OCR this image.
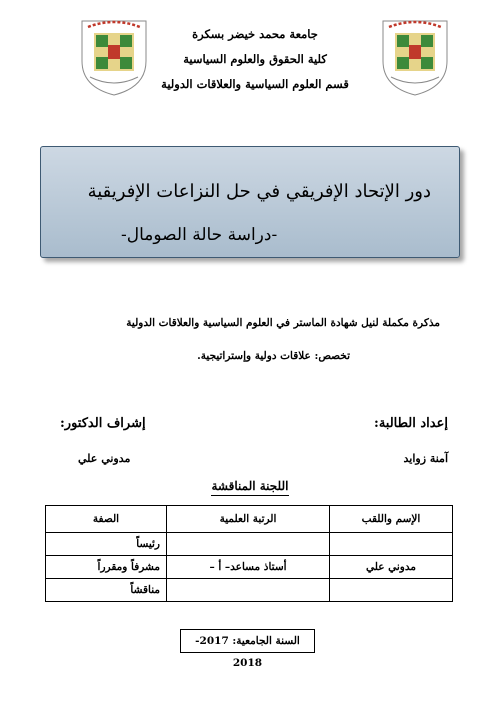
جامعة محمد خيضر بسكرة
كلية الحقوق والعلوم السياسية
قسم العلوم السياسية والعلاقات الدولية
دور الإتحاد الإفريقي في حل النزاعات الإفريقية
-دراسة حالة الصومال-
مذكرة مكملة لنيل شهادة الماستر في العلوم السياسية والعلاقات الدولية
تخصص: علاقات دولية وإستراتيجية.
إعداد الطالبة:
إشراف الدكتور:
آمنة زوايد
مدوني علي
اللجنة المناقشة
الإسم واللقب	الرتبة العلمية	الصفة
		رئيساً
مدوني علي	أستاذ مساعد– أ –	مشرفاً ومقرراً
		مناقشاً
السنة الجامعية: 2017-2018
